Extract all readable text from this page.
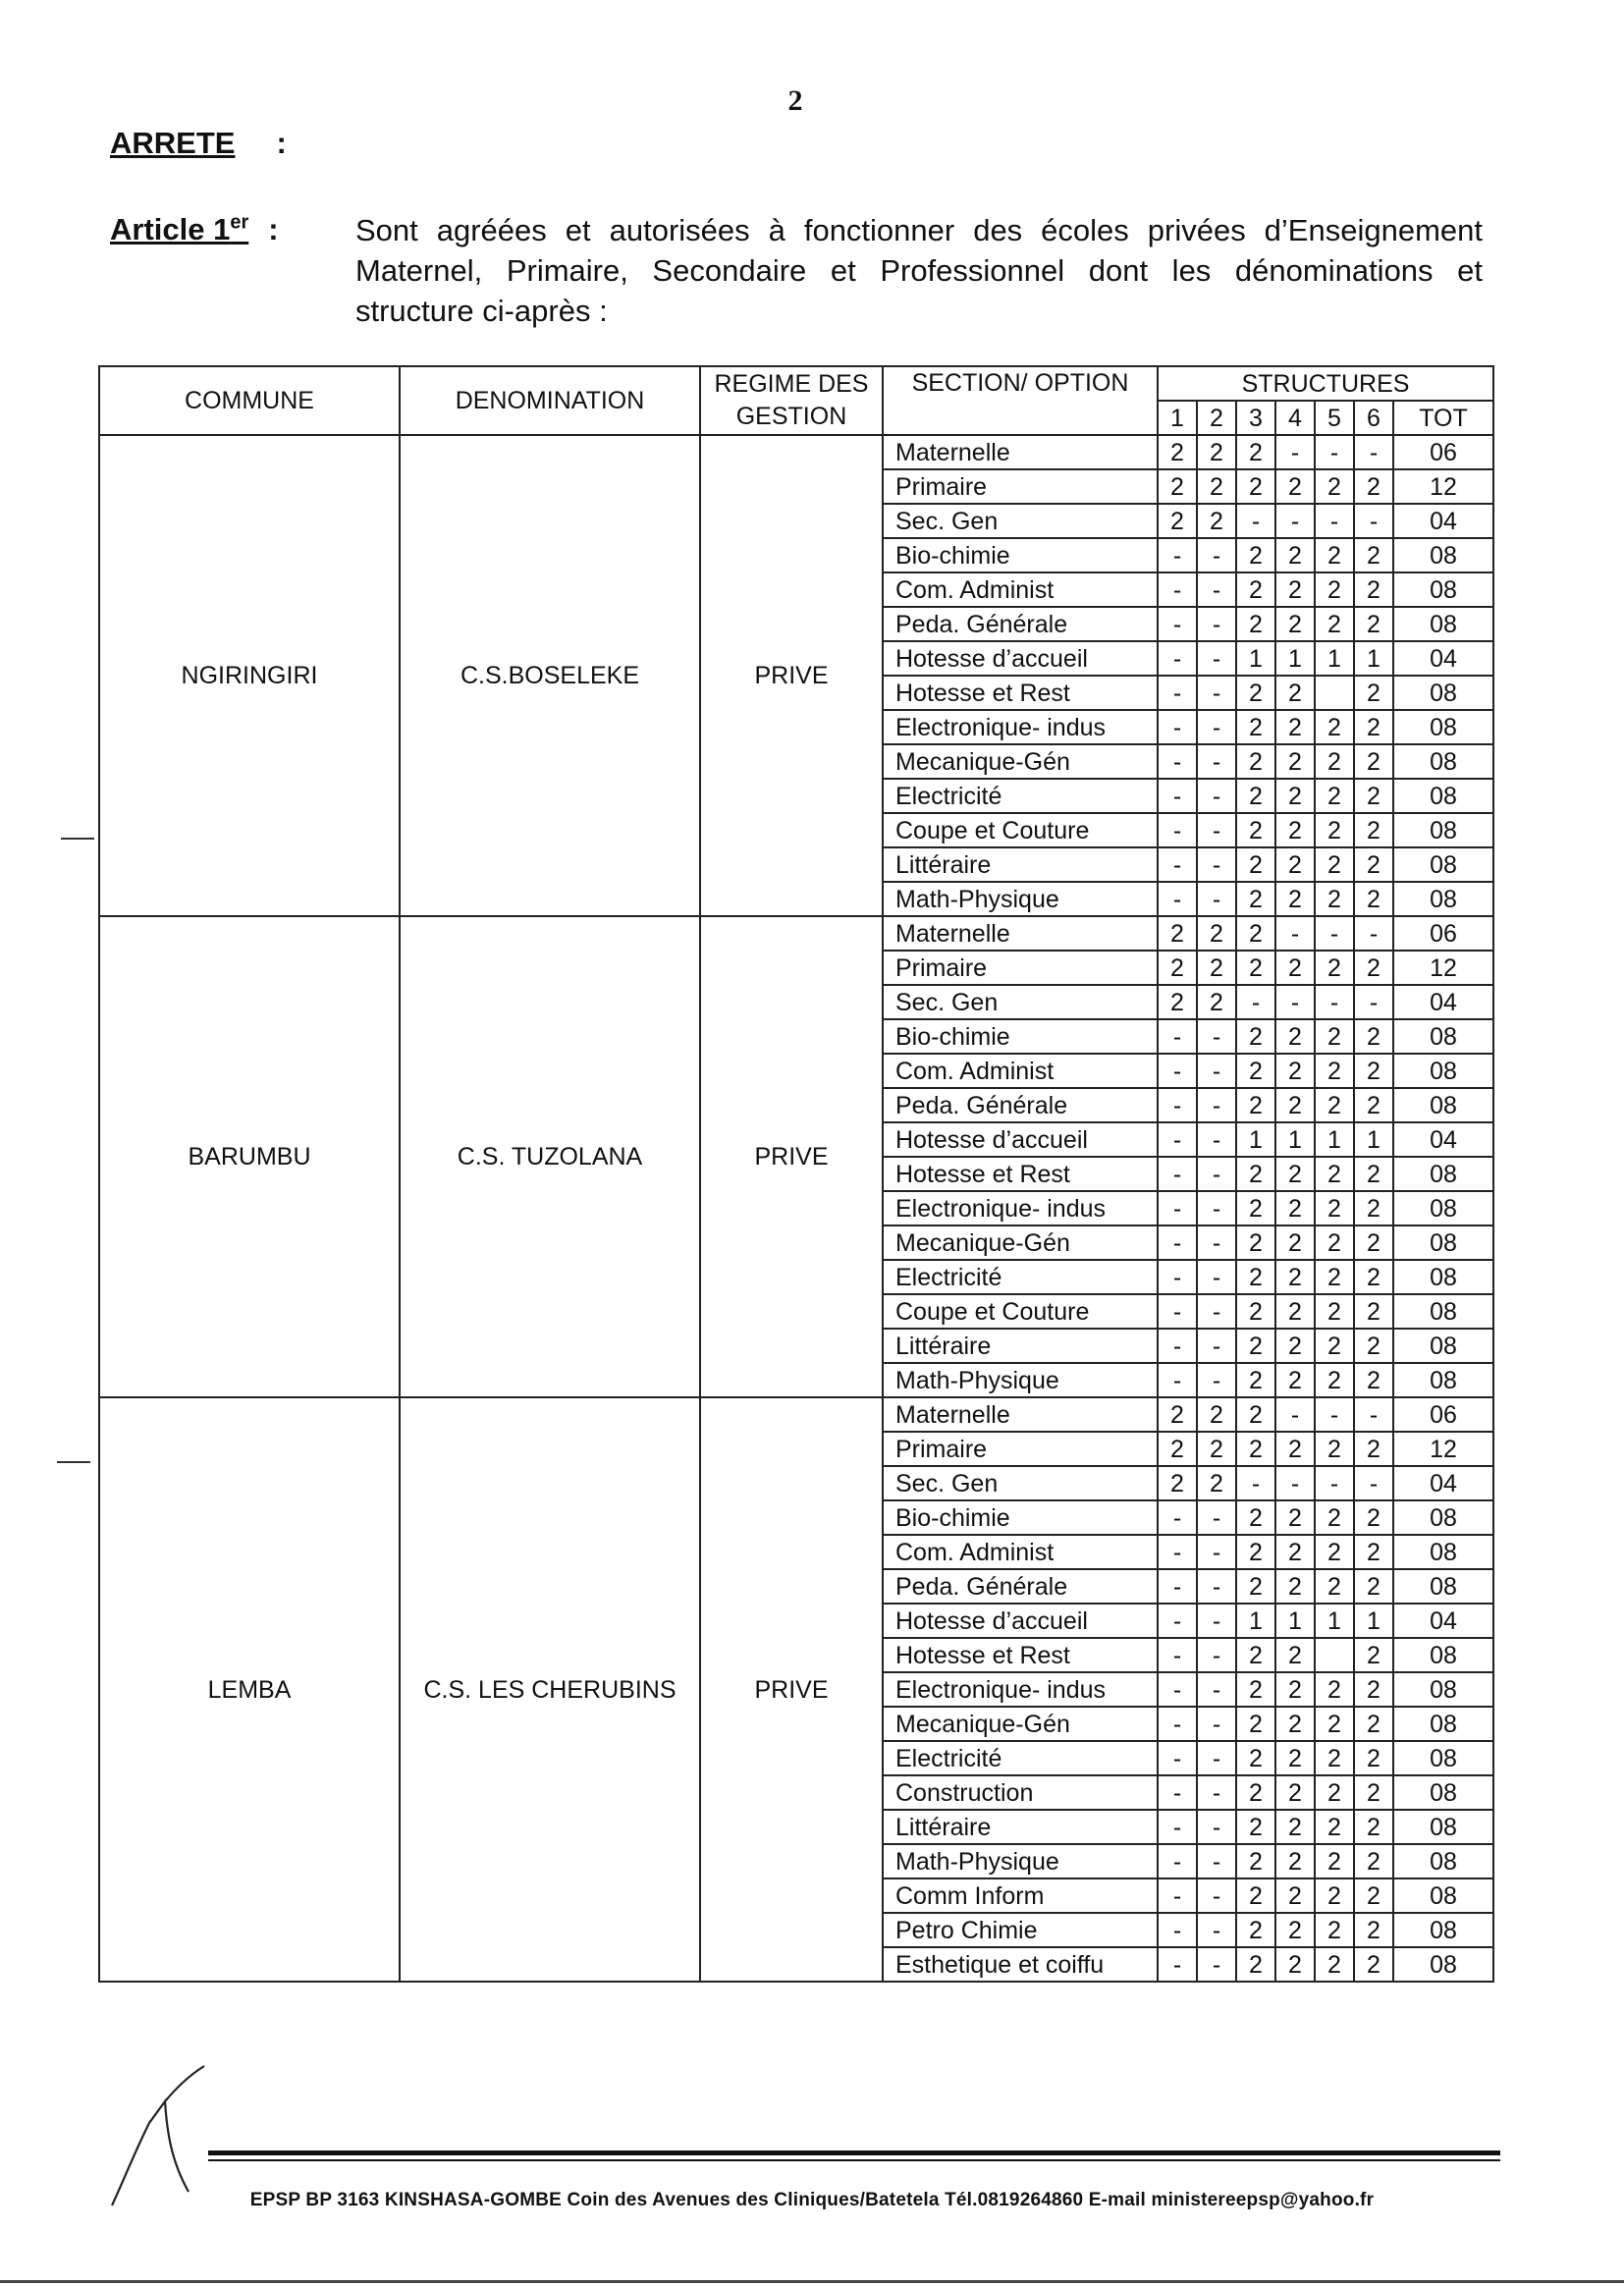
2
ARRETE :
Article 1er :	Sont agréées et autorisées à fonctionner des écoles privées d’Enseignement Maternel, Primaire, Secondaire et Professionnel dont les dénominations et structure ci-après :
COMMUNE	DENOMINATION	REGIME DES GESTION	SECTION/ OPTION	STRUCTURES						
				1	2	3	4	5	6	TOT
NGIRINGIRI	C.S.BOSELEKE	PRIVE	Maternelle	2	2	2	-	-	-	06
			Primaire	2	2	2	2	2	2	12
			Sec. Gen	2	2	-	-	-	-	04
			Bio-chimie	-	-	2	2	2	2	08
			Com. Administ	-	-	2	2	2	2	08
			Peda. Générale	-	-	2	2	2	2	08
			Hotesse d’accueil	-	-	1	1	1	1	04
			Hotesse et Rest	-	-	2	2		2	08
			Electronique- indus	-	-	2	2	2	2	08
			Mecanique-Gén	-	-	2	2	2	2	08
			Electricité	-	-	2	2	2	2	08
			Coupe et Couture	-	-	2	2	2	2	08
			Littéraire	-	-	2	2	2	2	08
			Math-Physique	-	-	2	2	2	2	08
BARUMBU	C.S. TUZOLANA	PRIVE	Maternelle	2	2	2	-	-	-	06
			Primaire	2	2	2	2	2	2	12
			Sec. Gen	2	2	-	-	-	-	04
			Bio-chimie	-	-	2	2	2	2	08
			Com. Administ	-	-	2	2	2	2	08
			Peda. Générale	-	-	2	2	2	2	08
			Hotesse d’accueil	-	-	1	1	1	1	04
			Hotesse et Rest	-	-	2	2	2	2	08
			Electronique- indus	-	-	2	2	2	2	08
			Mecanique-Gén	-	-	2	2	2	2	08
			Electricité	-	-	2	2	2	2	08
			Coupe et Couture	-	-	2	2	2	2	08
			Littéraire	-	-	2	2	2	2	08
			Math-Physique	-	-	2	2	2	2	08
LEMBA	C.S. LES CHERUBINS	PRIVE	Maternelle	2	2	2	-	-	-	06
			Primaire	2	2	2	2	2	2	12
			Sec. Gen	2	2	-	-	-	-	04
			Bio-chimie	-	-	2	2	2	2	08
			Com. Administ	-	-	2	2	2	2	08
			Peda. Générale	-	-	2	2	2	2	08
			Hotesse d’accueil	-	-	1	1	1	1	04
			Hotesse et Rest	-	-	2	2		2	08
			Electronique- indus	-	-	2	2	2	2	08
			Mecanique-Gén	-	-	2	2	2	2	08
			Electricité	-	-	2	2	2	2	08
			Construction	-	-	2	2	2	2	08
			Littéraire	-	-	2	2	2	2	08
			Math-Physique	-	-	2	2	2	2	08
			Comm Inform	-	-	2	2	2	2	08
			Petro Chimie	-	-	2	2	2	2	08
			Esthetique et coiffu	-	-	2	2	2	2	08
EPSP BP 3163 KINSHASA-GOMBE Coin des Avenues des Cliniques/Batetela Tél.0819264860 E-mail ministereepsp@yahoo.fr
